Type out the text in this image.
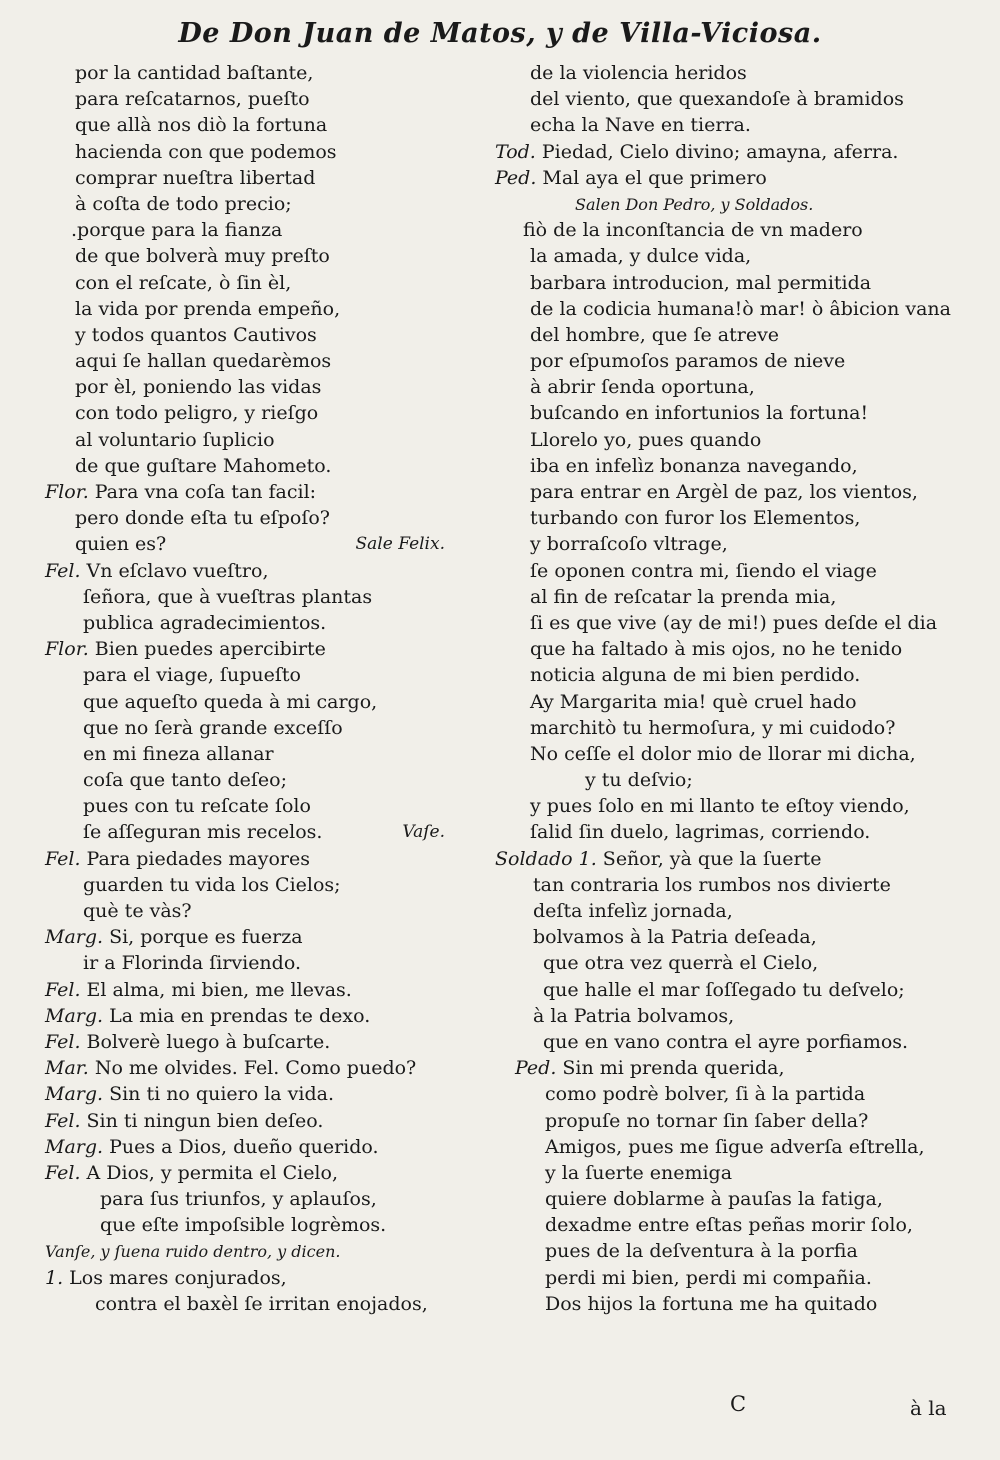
De Don Juan de Matos, y de Villa-Viciosa.
por la cantidad baſtante,
para reſcatarnos, pueſto
que allà nos diò la fortuna
hacienda con que podemos
comprar nueſtra libertad
à coſta de todo precio;
.porque para la fianza
de que bolverà muy preſto
con el reſcate, ò ſin èl,
la vida por prenda empeño,
y todos quantos Cautivos
aqui ſe hallan quedarèmos
por èl, poniendo las vidas
con todo peligro, y rieſgo
al voluntario ſuplicio
de que guſtare Mahometo.
Flor. Para vna coſa tan facil:
pero donde eſta tu eſpoſo?
quien es?	Sale Felix.
Fel. Vn eſclavo vueſtro,
ſeñora, que à vueſtras plantas
publica agradecimientos.
Flor. Bien puedes apercibirte
para el viage, ſupueſto
que aqueſto queda à mi cargo,
que no ſerà grande exceſſo
en mi fineza allanar
coſa que tanto deſeo;
pues con tu reſcate ſolo
ſe aſſeguran mis recelos.	Vaſe.
Fel. Para piedades mayores
guarden tu vida los Cielos;
què te vàs?
Marg. Si, porque es fuerza
ir a Florinda ſirviendo.
Fel. El alma, mi bien, me llevas.
Marg. La mia en prendas te dexo.
Fel. Bolverè luego à buſcarte.
Mar. No me olvides. Fel. Como puedo?
Marg. Sin ti no quiero la vida.
Fel. Sin ti ningun bien deſeo.
Marg. Pues a Dios, dueño querido.
Fel. A Dios, y permita el Cielo,
para ſus triunfos, y aplauſos,
que eſte impoſsible logrèmos.
Vanſe, y ſuena ruido dentro, y dicen.
1. Los mares conjurados,
contra el baxèl ſe irritan enojados,
de la violencia heridos
del viento, que quexandoſe à bramidos
echa la Nave en tierra.
Tod. Piedad, Cielo divino; amayna, aferra.
Ped. Mal aya el que primero
Salen Don Pedro, y Soldados.
fiò de la inconſtancia de vn madero
la amada, y dulce vida,
barbara introducion, mal permitida
de la codicia humana!ò mar! ò âbicion vana
del hombre, que ſe atreve
por eſpumoſos paramos de nieve
à abrir ſenda oportuna,
buſcando en infortunios la fortuna!
Llorelo yo, pues quando
iba en infelìz bonanza navegando,
para entrar en Argèl de paz, los vientos,
turbando con furor los Elementos,
y borraſcoſo vltrage,
ſe oponen contra mi, ſiendo el viage
al fin de reſcatar la prenda mia,
ſi es que vive (ay de mi!) pues deſde el dia
que ha faltado à mis ojos, no he tenido
noticia alguna de mi bien perdido.
Ay Margarita mia! què cruel hado
marchitò tu hermoſura, y mi cuidodo?
No ceſſe el dolor mio de llorar mi dicha,
y tu deſvio;
y pues ſolo en mi llanto te eſtoy viendo,
ſalid ſin duelo, lagrimas, corriendo.
Soldado 1. Señor, yà que la ſuerte
tan contraria los rumbos nos divierte
deſta infelìz jornada,
bolvamos à la Patria deſeada,
que otra vez querrà el Cielo,
que halle el mar ſoſſegado tu deſvelo;
à la Patria bolvamos,
que en vano contra el ayre porfiamos.
Ped. Sin mi prenda querida,
como podrè bolver, ſi à la partida
propuſe no tornar ſin ſaber della?
Amigos, pues me ſigue adverſa eſtrella,
y la ſuerte enemiga
quiere doblarme à pauſas la fatiga,
dexadme entre eſtas peñas morir ſolo,
pues de la deſventura à la porfia
perdi mi bien, perdi mi compañia.
Dos hijos la fortuna me ha quitado
C	à la
